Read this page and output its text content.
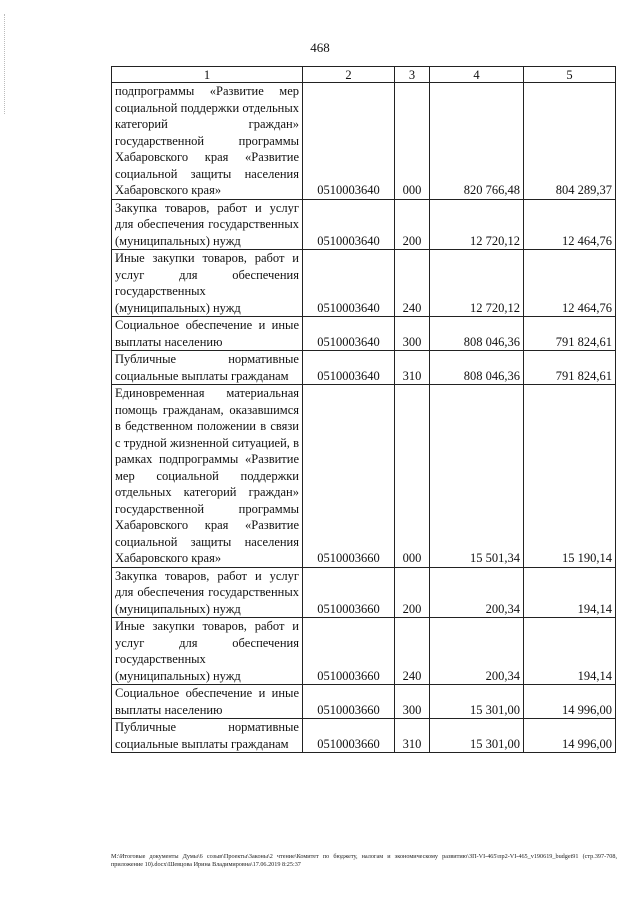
468
1	2	3	4	5
подпрограммы «Развитие мер социальной поддержки отдельных категорий граждан» государственной программы Хабаровского края «Развитие социальной защиты населения Хабаровского края»	0510003640	000	820 766,48	804 289,37
Закупка товаров, работ и услуг для обеспечения государственных (муниципальных) нужд	0510003640	200	12 720,12	12 464,76
Иные закупки товаров, работ и услуг для обеспечения государственных (муниципальных) нужд	0510003640	240	12 720,12	12 464,76
Социальное обеспечение и иные выплаты населению	0510003640	300	808 046,36	791 824,61
Публичные нормативные социальные выплаты гражданам	0510003640	310	808 046,36	791 824,61
Единовременная материальная помощь гражданам, оказавшимся в бедственном положении в связи с трудной жизненной ситуацией, в рамках подпрограммы «Развитие мер социальной поддержки отдельных категорий граждан» государственной программы Хабаровского края «Развитие социальной защиты населения Хабаровского края»	0510003660	000	15 501,34	15 190,14
Закупка товаров, работ и услуг для обеспечения государственных (муниципальных) нужд	0510003660	200	200,34	194,14
Иные закупки товаров, работ и услуг для обеспечения государственных (муниципальных) нужд	0510003660	240	200,34	194,14
Социальное обеспечение и иные выплаты населению	0510003660	300	15 301,00	14 996,00
Публичные нормативные социальные выплаты гражданам	0510003660	310	15 301,00	14 996,00
M:\Итоговые документы Думы\6 созыв\Проекты\Законы\2 чтение\Комитет по бюджету, налогам и экономическому развитию\ЗП-VI-465\пр2-VI-465_v190619_budget91 (стр.397-708, приложение 10).docx\Шевцова Ирина Владимировна\17.06.2019 8:25:37
